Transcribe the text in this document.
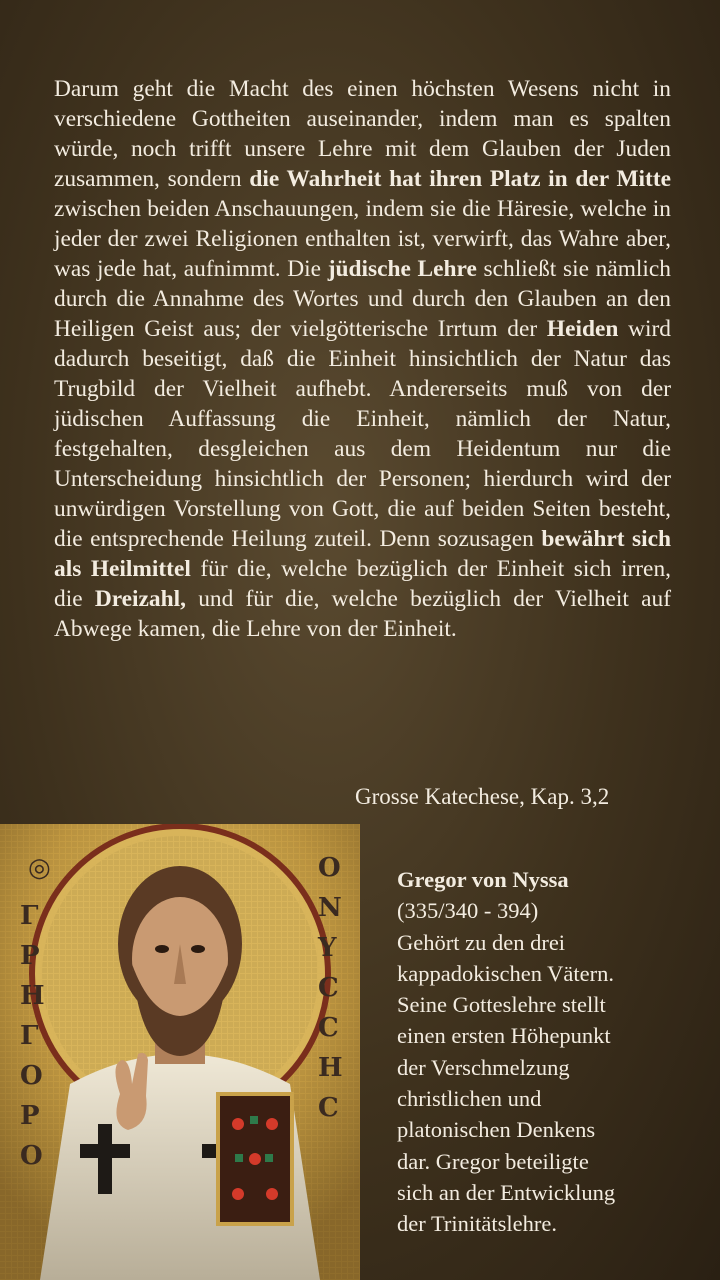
Darum geht die Macht des einen höchsten Wesens nicht in verschiedene Gottheiten auseinander, indem man es spalten würde, noch trifft unsere Lehre mit dem Glauben der Juden zusammen, sondern die Wahrheit hat ihren Platz in der Mitte zwischen beiden Anschauungen, indem sie die Häresie, welche in jeder der zwei Religionen enthalten ist, verwirft, das Wahre aber, was jede hat, aufnimmt. Die jüdische Lehre schließt sie nämlich durch die Annahme des Wortes und durch den Glauben an den Heiligen Geist aus; der vielgötterische Irrtum der Heiden wird dadurch beseitigt, daß die Einheit hinsichtlich der Natur das Trugbild der Vielheit aufhebt. Andererseits muß von der jüdischen Auffassung die Einheit, nämlich der Natur, festgehalten, desgleichen aus dem Heidentum nur die Unterscheidung hinsichtlich der Personen; hierdurch wird der unwürdigen Vorstellung von Gott, die auf beiden Seiten besteht, die entsprechende Heilung zuteil. Denn sozusagen bewährt sich als Heilmittel für die, welche bezüglich der Einheit sich irren, die Dreizahl, und für die, welche bezüglich der Vielheit auf Abwege kamen, die Lehre von der Einheit.

Grosse Katechese, Kap. 3,2

◎
Γ
Ρ
Η
Γ
Ο
Ρ
Ο
Ο
Ν
Υ
C
C
Η
C
Gregor von Nyssa
(335/340 - 394)
Gehört zu den drei
kappadokischen Vätern.
Seine Gotteslehre stellt
einen ersten Höhepunkt
der Verschmelzung
christlichen und
platonischen Denkens
dar. Gregor beteiligte
sich an der Entwicklung
der Trinitätslehre.
